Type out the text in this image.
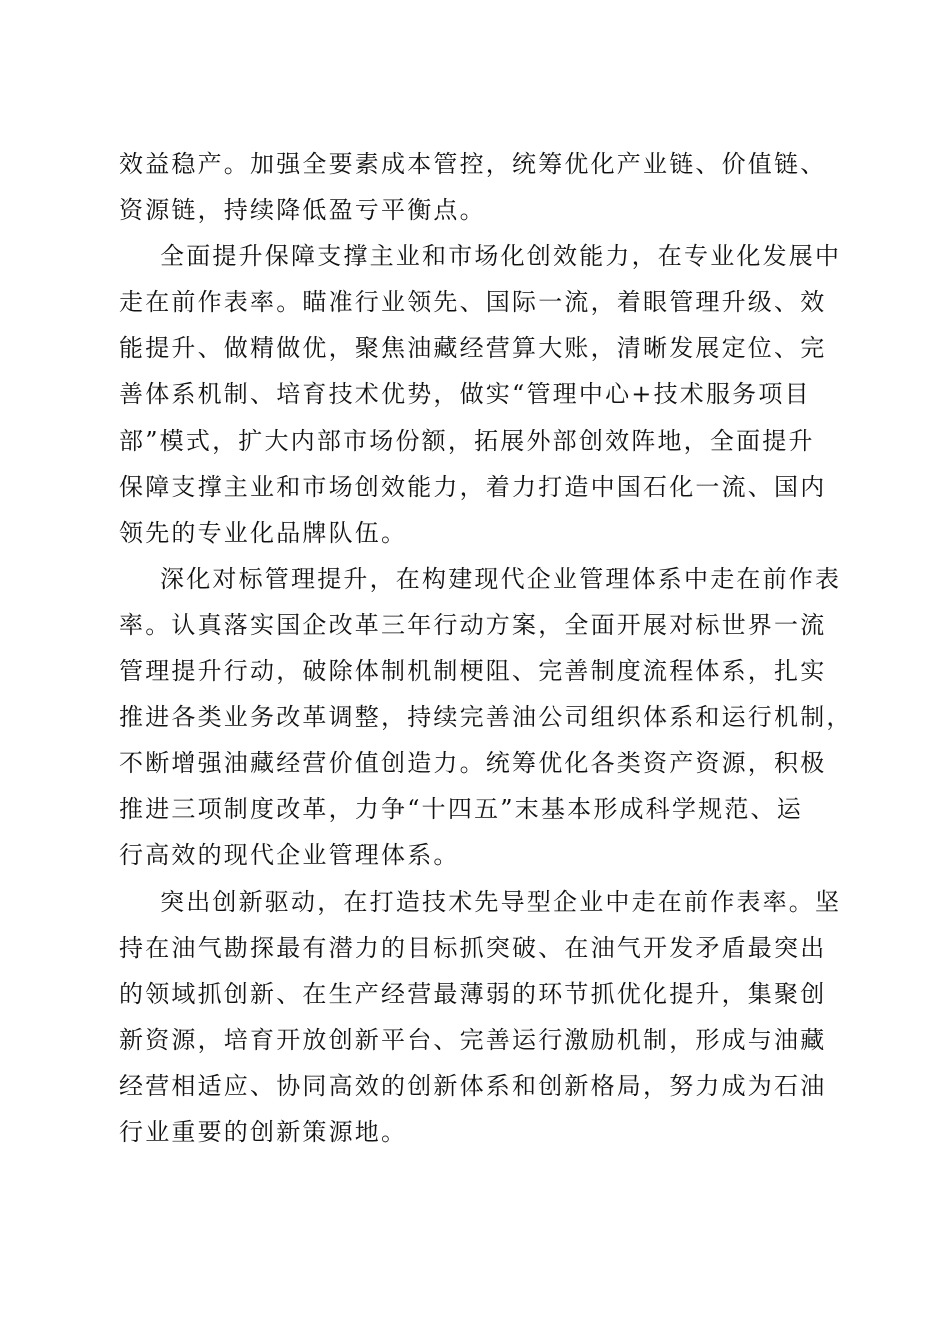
效益稳产。加强全要素成本管控，统筹优化产业链、价值链、
资源链，持续降低盈亏平衡点。
全面提升保障支撑主业和市场化创效能力，在专业化发展中
走在前作表率。瞄准行业领先、国际一流，着眼管理升级、效
能提升、做精做优，聚焦油藏经营算大账，清晰发展定位、完
善体系机制、培育技术优势，做实“管理中心+技术服务项目
部”模式，扩大内部市场份额，拓展外部创效阵地，全面提升
保障支撑主业和市场创效能力，着力打造中国石化一流、国内
领先的专业化品牌队伍。
深化对标管理提升，在构建现代企业管理体系中走在前作表
率。认真落实国企改革三年行动方案，全面开展对标世界一流
管理提升行动，破除体制机制梗阻、完善制度流程体系，扎实
推进各类业务改革调整，持续完善油公司组织体系和运行机制，
不断增强油藏经营价值创造力。统筹优化各类资产资源，积极
推进三项制度改革，力争“十四五”末基本形成科学规范、运
行高效的现代企业管理体系。
突出创新驱动，在打造技术先导型企业中走在前作表率。坚
持在油气勘探最有潜力的目标抓突破、在油气开发矛盾最突出
的领域抓创新、在生产经营最薄弱的环节抓优化提升，集聚创
新资源，培育开放创新平台、完善运行激励机制，形成与油藏
经营相适应、协同高效的创新体系和创新格局，努力成为石油
行业重要的创新策源地。
